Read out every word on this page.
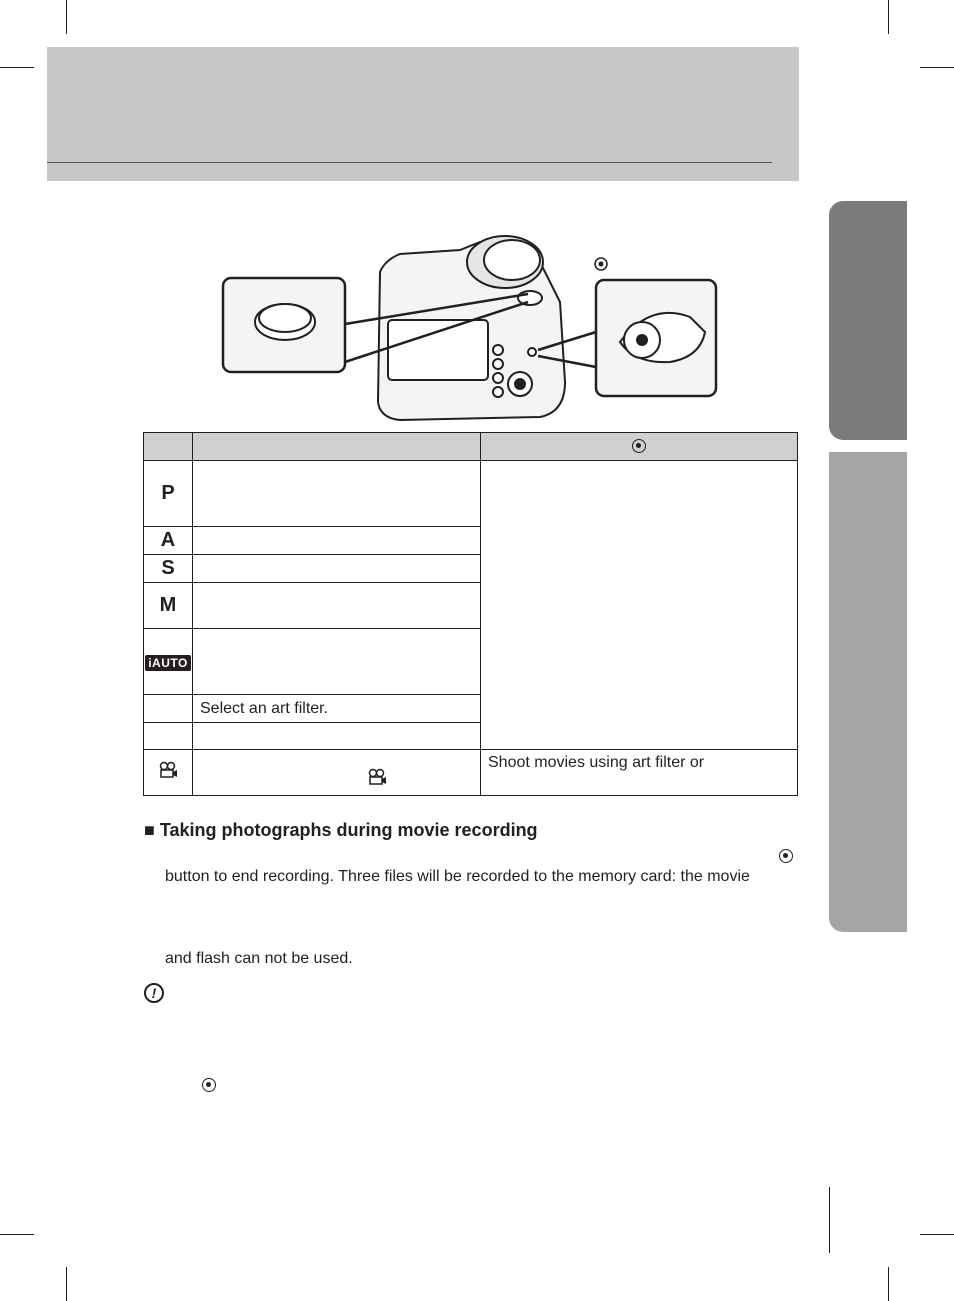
P		
A		
S		
M		
iAUTO		
	Select an art filter.	

		Shoot movies using art filter or
■ Taking photographs during movie recording
button to end recording. Three files will be recorded to the memory card: the movie
and flash can not be used.
!
